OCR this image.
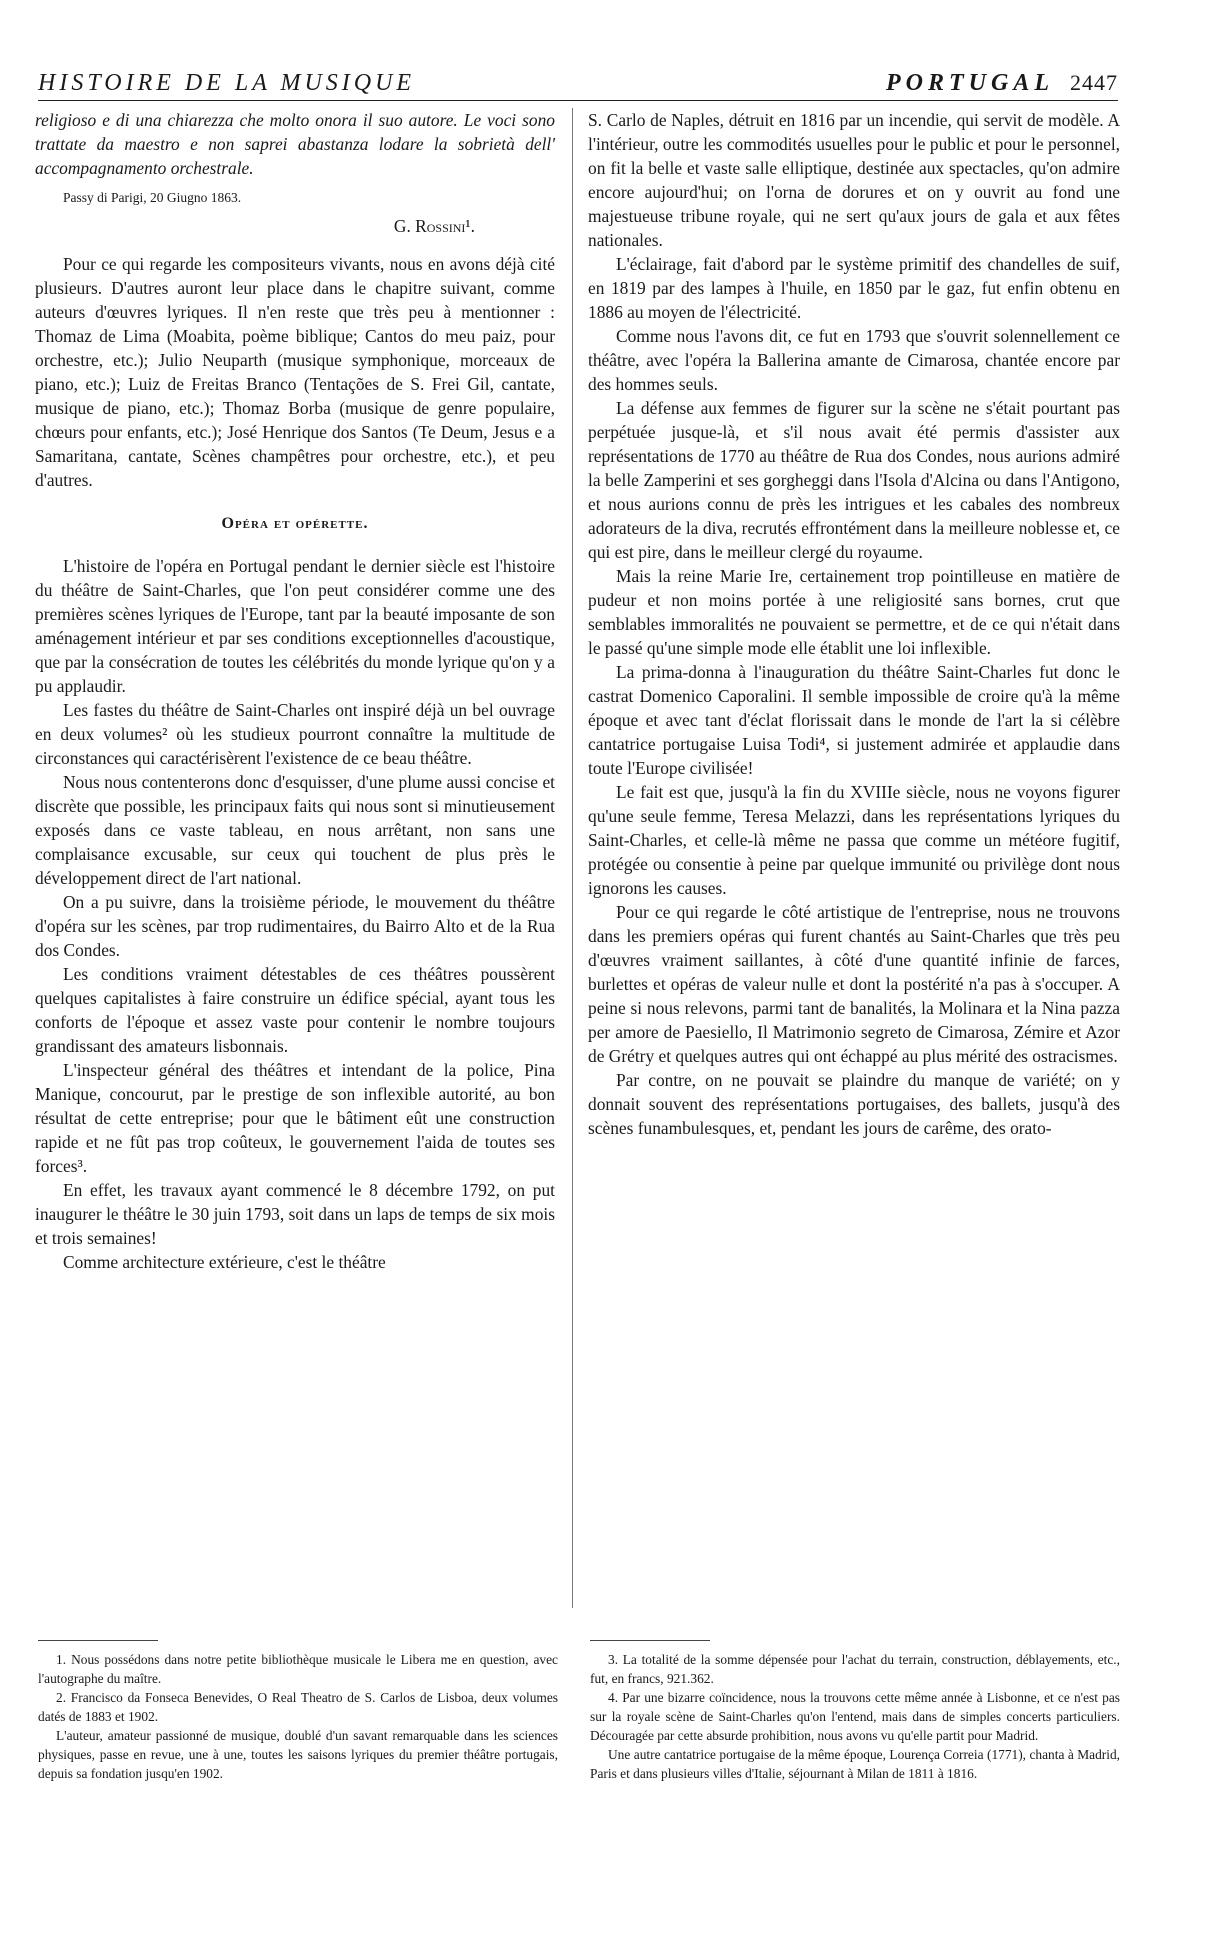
HISTOIRE DE LA MUSIQUE	PORTUGAL 2447

religioso e di una chiarezza che molto onora il suo autore. Le voci sono trattate da maestro e non saprei abastanza lodare la sobrietà dell' accompagnamento orchestrale.

Passy di Parigi, 20 Giugno 1863.

G. Rossini¹.

Pour ce qui regarde les compositeurs vivants, nous en avons déjà cité plusieurs. D'autres auront leur place dans le chapitre suivant, comme auteurs d'œuvres lyriques. Il n'en reste que très peu à mentionner : Thomaz de Lima (Moabita, poème biblique; Cantos do meu paiz, pour orchestre, etc.); Julio Neuparth (musique symphonique, morceaux de piano, etc.); Luiz de Freitas Branco (Tentações de S. Frei Gil, cantate, musique de piano, etc.); Thomaz Borba (musique de genre populaire, chœurs pour enfants, etc.); José Henrique dos Santos (Te Deum, Jesus e a Samaritana, cantate, Scènes champêtres pour orchestre, etc.), et peu d'autres.

Opéra et opérette.

L'histoire de l'opéra en Portugal pendant le dernier siècle est l'histoire du théâtre de Saint-Charles, que l'on peut considérer comme une des premières scènes lyriques de l'Europe, tant par la beauté imposante de son aménagement intérieur et par ses conditions exceptionnelles d'acoustique, que par la consécration de toutes les célébrités du monde lyrique qu'on y a pu applaudir.

Les fastes du théâtre de Saint-Charles ont inspiré déjà un bel ouvrage en deux volumes² où les studieux pourront connaître la multitude de circonstances qui caractérisèrent l'existence de ce beau théâtre.

Nous nous contenterons donc d'esquisser, d'une plume aussi concise et discrète que possible, les principaux faits qui nous sont si minutieusement exposés dans ce vaste tableau, en nous arrêtant, non sans une complaisance excusable, sur ceux qui touchent de plus près le développement direct de l'art national.

On a pu suivre, dans la troisième période, le mouvement du théâtre d'opéra sur les scènes, par trop rudimentaires, du Bairro Alto et de la Rua dos Condes.

Les conditions vraiment détestables de ces théâtres poussèrent quelques capitalistes à faire construire un édifice spécial, ayant tous les conforts de l'époque et assez vaste pour contenir le nombre toujours grandissant des amateurs lisbonnais.

L'inspecteur général des théâtres et intendant de la police, Pina Manique, concourut, par le prestige de son inflexible autorité, au bon résultat de cette entreprise; pour que le bâtiment eût une construction rapide et ne fût pas trop coûteux, le gouvernement l'aida de toutes ses forces³.

En effet, les travaux ayant commencé le 8 décembre 1792, on put inaugurer le théâtre le 30 juin 1793, soit dans un laps de temps de six mois et trois semaines!

Comme architecture extérieure, c'est le théâtre

S. Carlo de Naples, détruit en 1816 par un incendie, qui servit de modèle. A l'intérieur, outre les commodités usuelles pour le public et pour le personnel, on fit la belle et vaste salle elliptique, destinée aux spectacles, qu'on admire encore aujourd'hui; on l'orna de dorures et on y ouvrit au fond une majestueuse tribune royale, qui ne sert qu'aux jours de gala et aux fêtes nationales.

L'éclairage, fait d'abord par le système primitif des chandelles de suif, en 1819 par des lampes à l'huile, en 1850 par le gaz, fut enfin obtenu en 1886 au moyen de l'électricité.

Comme nous l'avons dit, ce fut en 1793 que s'ouvrit solennellement ce théâtre, avec l'opéra la Ballerina amante de Cimarosa, chantée encore par des hommes seuls.

La défense aux femmes de figurer sur la scène ne s'était pourtant pas perpétuée jusque-là, et s'il nous avait été permis d'assister aux représentations de 1770 au théâtre de Rua dos Condes, nous aurions admiré la belle Zamperini et ses gorgheggi dans l'Isola d'Alcina ou dans l'Antigono, et nous aurions connu de près les intrigues et les cabales des nombreux adorateurs de la diva, recrutés effrontément dans la meilleure noblesse et, ce qui est pire, dans le meilleur clergé du royaume.

Mais la reine Marie Ire, certainement trop pointilleuse en matière de pudeur et non moins portée à une religiosité sans bornes, crut que semblables immoralités ne pouvaient se permettre, et de ce qui n'était dans le passé qu'une simple mode elle établit une loi inflexible.

La prima-donna à l'inauguration du théâtre Saint-Charles fut donc le castrat Domenico Caporalini. Il semble impossible de croire qu'à la même époque et avec tant d'éclat florissait dans le monde de l'art la si célèbre cantatrice portugaise Luisa Todi⁴, si justement admirée et applaudie dans toute l'Europe civilisée!

Le fait est que, jusqu'à la fin du XVIIIe siècle, nous ne voyons figurer qu'une seule femme, Teresa Melazzi, dans les représentations lyriques du Saint-Charles, et celle-là même ne passa que comme un météore fugitif, protégée ou consentie à peine par quelque immunité ou privilège dont nous ignorons les causes.

Pour ce qui regarde le côté artistique de l'entreprise, nous ne trouvons dans les premiers opéras qui furent chantés au Saint-Charles que très peu d'œuvres vraiment saillantes, à côté d'une quantité infinie de farces, burlettes et opéras de valeur nulle et dont la postérité n'a pas à s'occuper. A peine si nous relevons, parmi tant de banalités, la Molinara et la Nina pazza per amore de Paesiello, Il Matrimonio segreto de Cimarosa, Zémire et Azor de Grétry et quelques autres qui ont échappé au plus mérité des ostracismes.

Par contre, on ne pouvait se plaindre du manque de variété; on y donnait souvent des représentations portugaises, des ballets, jusqu'à des scènes funambulesques, et, pendant les jours de carême, des orato-

1. Nous possédons dans notre petite bibliothèque musicale le Libera me en question, avec l'autographe du maître.

2. Francisco da Fonseca Benevides, O Real Theatro de S. Carlos de Lisboa, deux volumes datés de 1883 et 1902.

L'auteur, amateur passionné de musique, doublé d'un savant remarquable dans les sciences physiques, passe en revue, une à une, toutes les saisons lyriques du premier théâtre portugais, depuis sa fondation jusqu'en 1902.

3. La totalité de la somme dépensée pour l'achat du terrain, construction, déblayements, etc., fut, en francs, 921.362.

4. Par une bizarre coïncidence, nous la trouvons cette même année à Lisbonne, et ce n'est pas sur la royale scène de Saint-Charles qu'on l'entend, mais dans de simples concerts particuliers. Découragée par cette absurde prohibition, nous avons vu qu'elle partit pour Madrid.

Une autre cantatrice portugaise de la même époque, Lourença Correia (1771), chanta à Madrid, Paris et dans plusieurs villes d'Italie, séjournant à Milan de 1811 à 1816.
